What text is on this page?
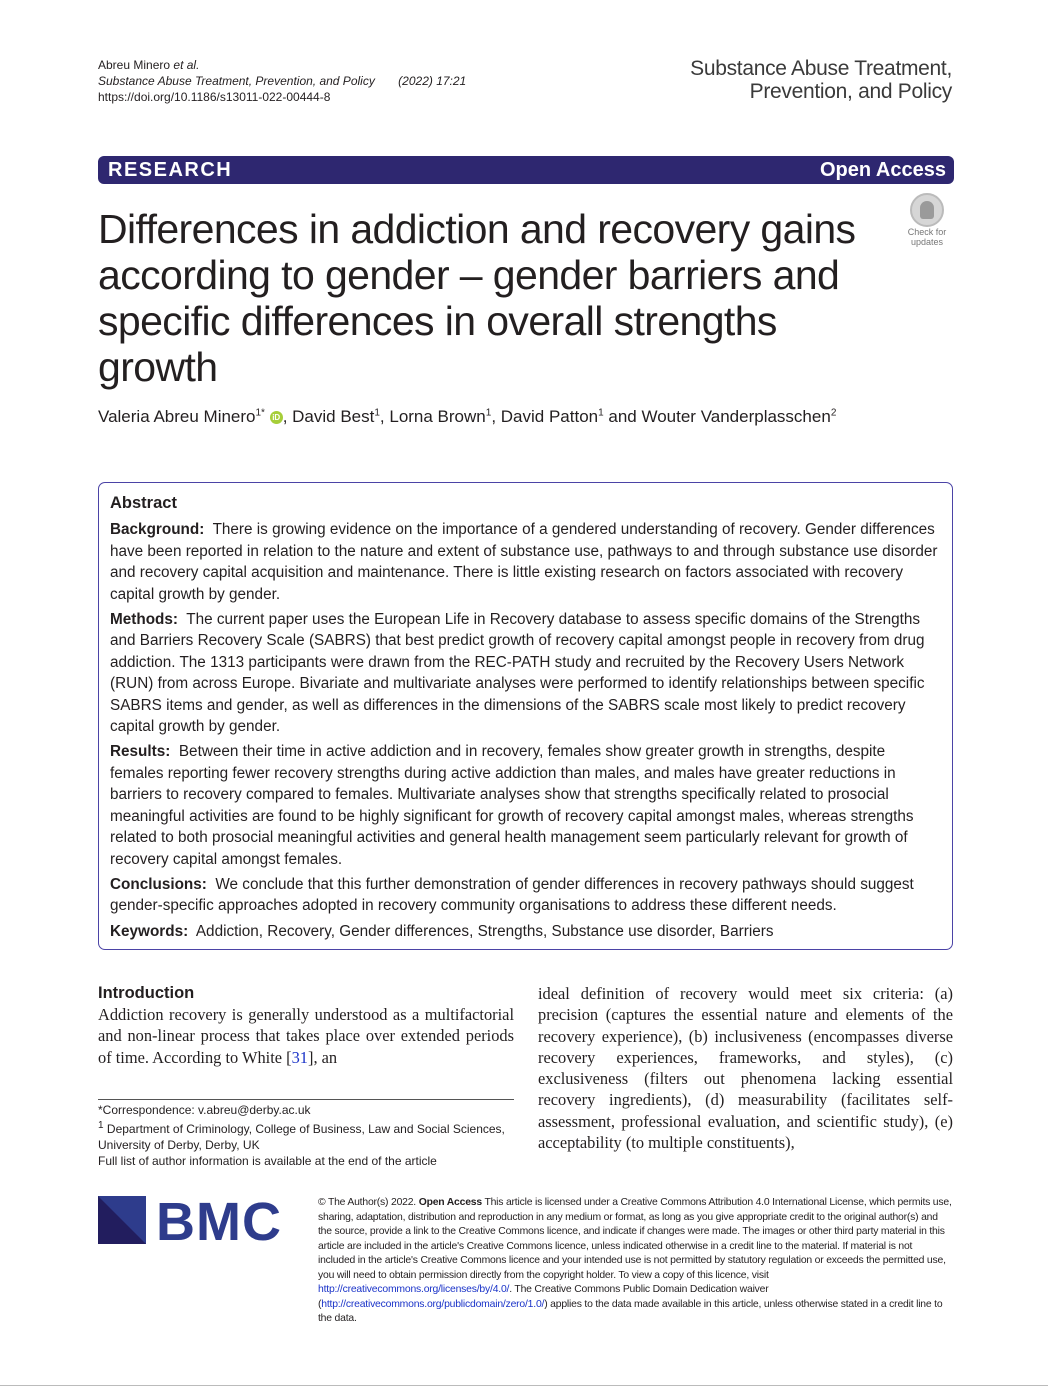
Abreu Minero et al.
Substance Abuse Treatment, Prevention, and Policy (2022) 17:21
https://doi.org/10.1186/s13011-022-00444-8
Substance Abuse Treatment,
Prevention, and Policy
RESEARCH	Open Access
Differences in addiction and recovery gains according to gender – gender barriers and specific differences in overall strengths growth
Check for
updates
Valeria Abreu Minero$^{1*}$ iD , David Best$^1$, Lorna Brown$^1$, David Patton$^1$ and Wouter Vanderplasschen$^2$
Abstract

Background: There is growing evidence on the importance of a gendered understanding of recovery. Gender differences have been reported in relation to the nature and extent of substance use, pathways to and through substance use disorder and recovery capital acquisition and maintenance. There is little existing research on factors associated with recovery capital growth by gender.

Methods: The current paper uses the European Life in Recovery database to assess specific domains of the Strengths and Barriers Recovery Scale (SABRS) that best predict growth of recovery capital amongst people in recovery from drug addiction. The 1313 participants were drawn from the REC-PATH study and recruited by the Recovery Users Network (RUN) from across Europe. Bivariate and multivariate analyses were performed to identify relationships between specific SABRS items and gender, as well as differences in the dimensions of the SABRS scale most likely to predict recovery capital growth by gender.

Results: Between their time in active addiction and in recovery, females show greater growth in strengths, despite females reporting fewer recovery strengths during active addiction than males, and males have greater reductions in barriers to recovery compared to females. Multivariate analyses show that strengths specifically related to prosocial meaningful activities are found to be highly significant for growth of recovery capital amongst males, whereas strengths related to both prosocial meaningful activities and general health management seem particularly relevant for growth of recovery capital amongst females.

Conclusions: We conclude that this further demonstration of gender differences in recovery pathways should suggest gender-specific approaches adopted in recovery community organisations to address these different needs.

Keywords: Addiction, Recovery, Gender differences, Strengths, Substance use disorder, Barriers

Introduction
Addiction recovery is generally understood as a multifactorial and non-linear process that takes place over extended periods of time. According to White [31], an
ideal definition of recovery would meet six criteria: (a) precision (captures the essential nature and elements of the recovery experience), (b) inclusiveness (encompasses diverse recovery experiences, frameworks, and styles), (c) exclusiveness (filters out phenomena lacking essential recovery ingredients), (d) measurability (facilitates self-assessment, professional evaluation, and scientific study), (e) acceptability (to multiple constituents),
*Correspondence: v.abreu@derby.ac.uk
$^1$ Department of Criminology, College of Business, Law and Social Sciences, University of Derby, Derby, UK
Full list of author information is available at the end of the article
BMC	© The Author(s) 2022. Open Access This article is licensed under a Creative Commons Attribution 4.0 International License, which permits use, sharing, adaptation, distribution and reproduction in any medium or format, as long as you give appropriate credit to the original author(s) and the source, provide a link to the Creative Commons licence, and indicate if changes were made. The images or other third party material in this article are included in the article's Creative Commons licence, unless indicated otherwise in a credit line to the material. If material is not included in the article's Creative Commons licence and your intended use is not permitted by statutory regulation or exceeds the permitted use, you will need to obtain permission directly from the copyright holder. To view a copy of this licence, visit http://creativecommons.org/licenses/by/4.0/. The Creative Commons Public Domain Dedication waiver (http://creativecommons.org/publicdomain/zero/1.0/) applies to the data made available in this article, unless otherwise stated in a credit line to the data.
